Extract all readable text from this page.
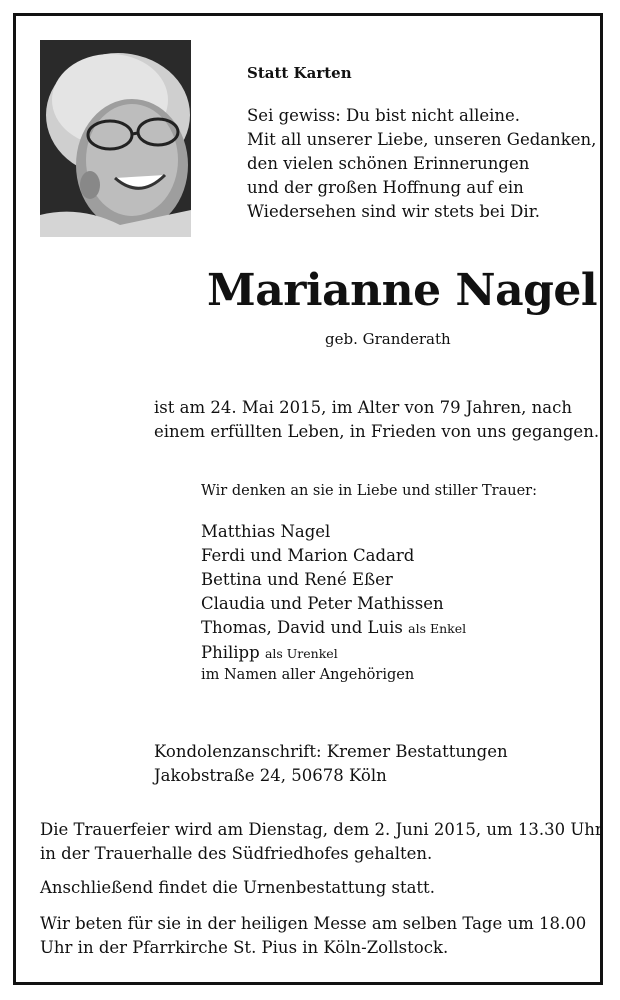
Statt Karten
Sei gewiss: Du bist nicht alleine.
Mit all unserer Liebe, unseren Gedanken,
den vielen schönen Erinnerungen
und der großen Hoffnung auf ein
Wiedersehen sind wir stets bei Dir.
Marianne Nagel
geb. Granderath
ist am 24. Mai 2015, im Alter von 79 Jahren, nach
einem erfüllten Leben, in Frieden von uns gegangen.
Wir denken an sie in Liebe und stiller Trauer:
Matthias Nagel
Ferdi und Marion Cadard
Bettina und René Eßer
Claudia und Peter Mathissen
Thomas, David und Luis als Enkel
Philipp als Urenkel
im Namen aller Angehörigen
Kondolenzanschrift: Kremer Bestattungen
Jakobstraße 24, 50678 Köln
Die Trauerfeier wird am Dienstag, dem 2. Juni 2015, um 13.30 Uhr
in der Trauerhalle des Südfriedhofes gehalten.
Anschließend findet die Urnenbestattung statt.
Wir beten für sie in der heiligen Messe am selben Tage um 18.00
Uhr in der Pfarrkirche St. Pius in Köln-Zollstock.
